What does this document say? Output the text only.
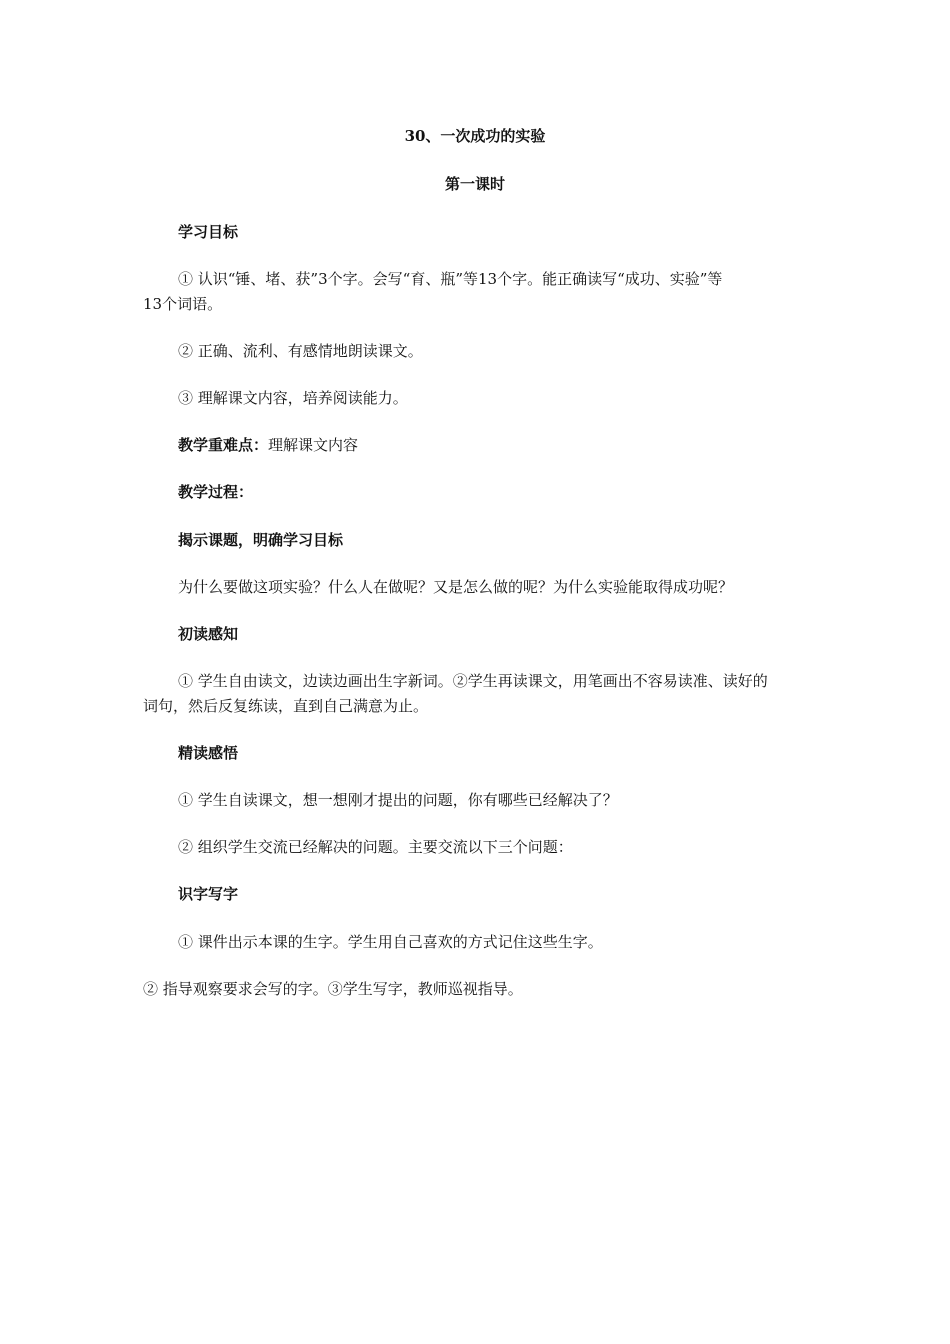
30、一次成功的实验
第一课时
学习目标
① 认识“锤、堵、获”3个字。会写“育、瓶”等13个字。能正确读写“成功、实验”等
13个词语。
② 正确、流利、有感情地朗读课文。
③ 理解课文内容，培养阅读能力。
教学重难点：理解课文内容
教学过程：
揭示课题，明确学习目标
为什么要做这项实验？什么人在做呢？又是怎么做的呢？为什么实验能取得成功呢？
初读感知
① 学生自由读文，边读边画出生字新词。②学生再读课文，用笔画出不容易读准、读好的
词句，然后反复练读，直到自己满意为止。
精读感悟
① 学生自读课文，想一想刚才提出的问题，你有哪些已经解决了？
② 组织学生交流已经解决的问题。主要交流以下三个问题：
识字写字
① 课件出示本课的生字。学生用自己喜欢的方式记住这些生字。
② 指导观察要求会写的字。③学生写字，教师巡视指导。
